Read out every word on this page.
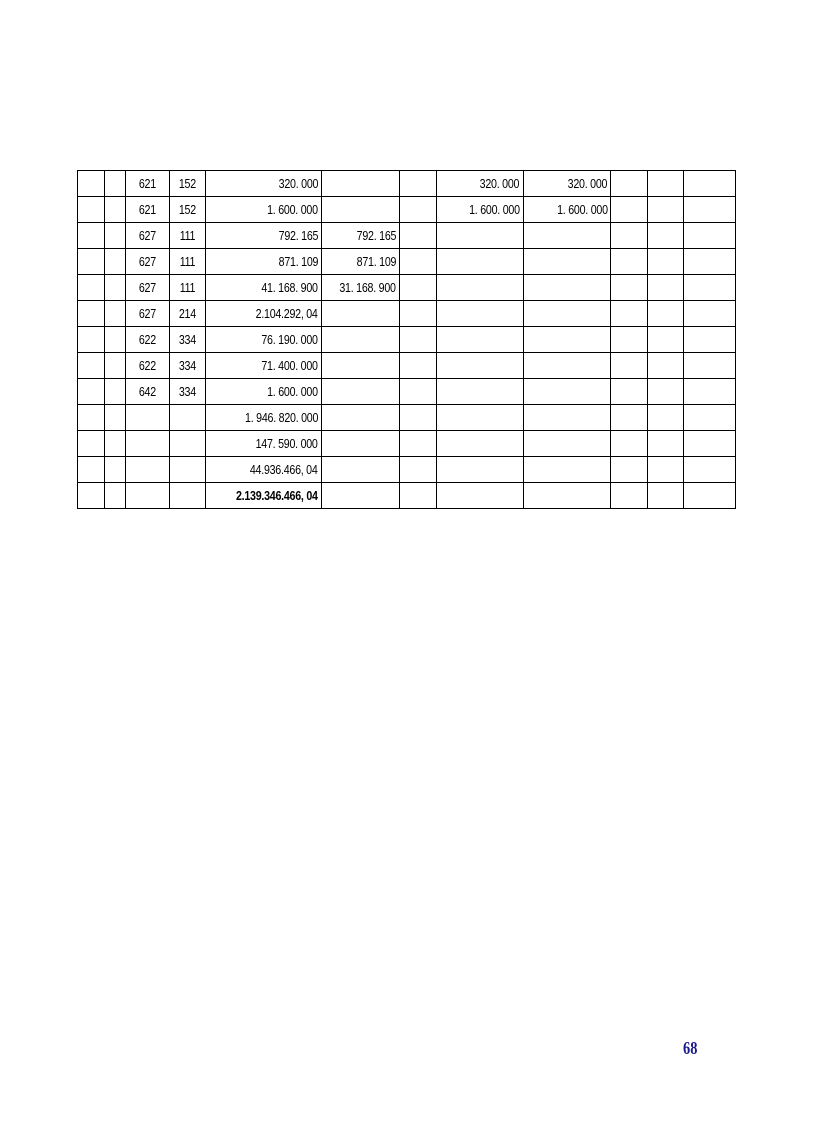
		621	152	320. 000			320. 000	320. 000			
		621	152	1. 600. 000			1. 600. 000	1. 600. 000			
		627	111	792. 165	792. 165						
		627	111	871. 109	871. 109						
		627	111	41. 168. 900	31. 168. 900						
		627	214	2.104.292, 04							
		622	334	76. 190. 000							
		622	334	71. 400. 000							
		642	334	1. 600. 000							
				1. 946. 820. 000							
				147. 590. 000							
				44.936.466, 04							
				2.139.346.466, 04							
68
